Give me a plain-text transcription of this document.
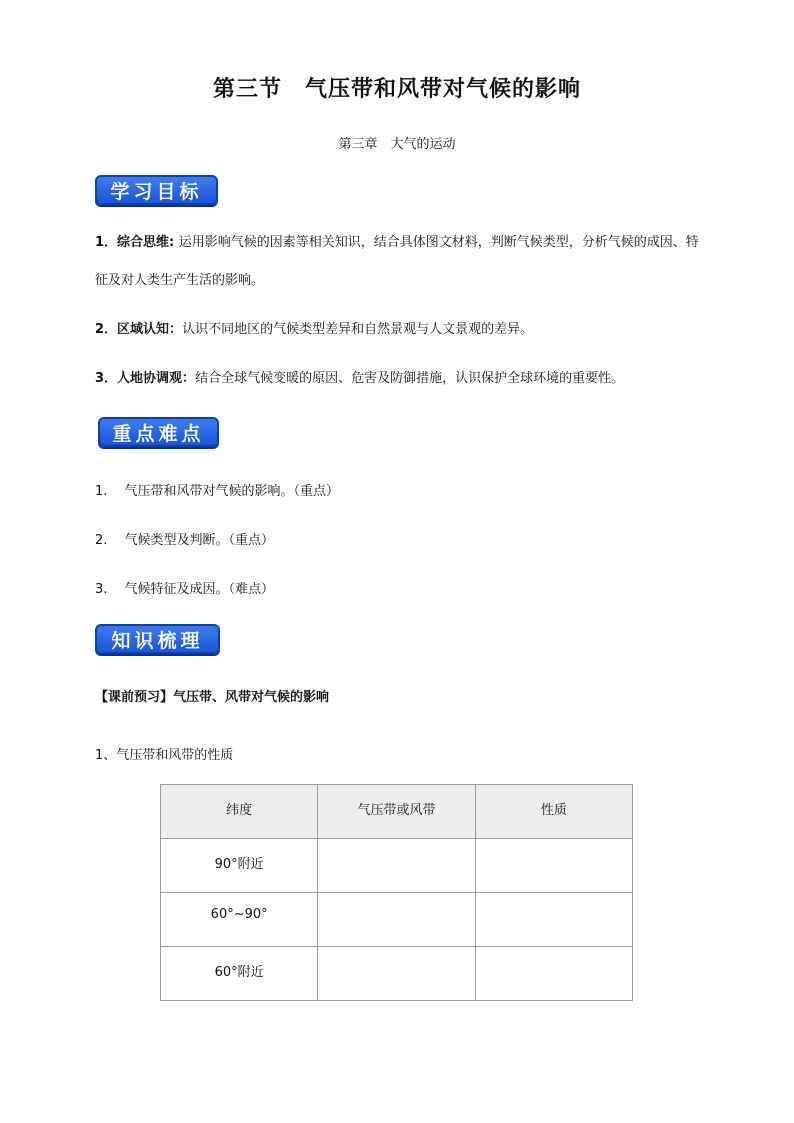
第三节　气压带和风带对气候的影响
第三章　大气的运动
学习目标
1．综合思维: 运用影响气候的因素等相关知识，结合具体图文材料，判断气候类型，分析气候的成因、特征及对人类生产生活的影响。
2．区域认知：认识不同地区的气候类型差异和自然景观与人文景观的差异。
3．人地协调观：结合全球气候变暖的原因、危害及防御措施，认识保护全球环境的重要性。
重点难点
1.　 气压带和风带对气候的影响。（重点）
2.　 气候类型及判断。（重点）
3.　 气候特征及成因。（难点）
知识梳理
【课前预习】气压带、风带对气候的影响
1、气压带和风带的性质
纬度	气压带或风带	性质
90°附近		
60°~90°		
60°附近		
